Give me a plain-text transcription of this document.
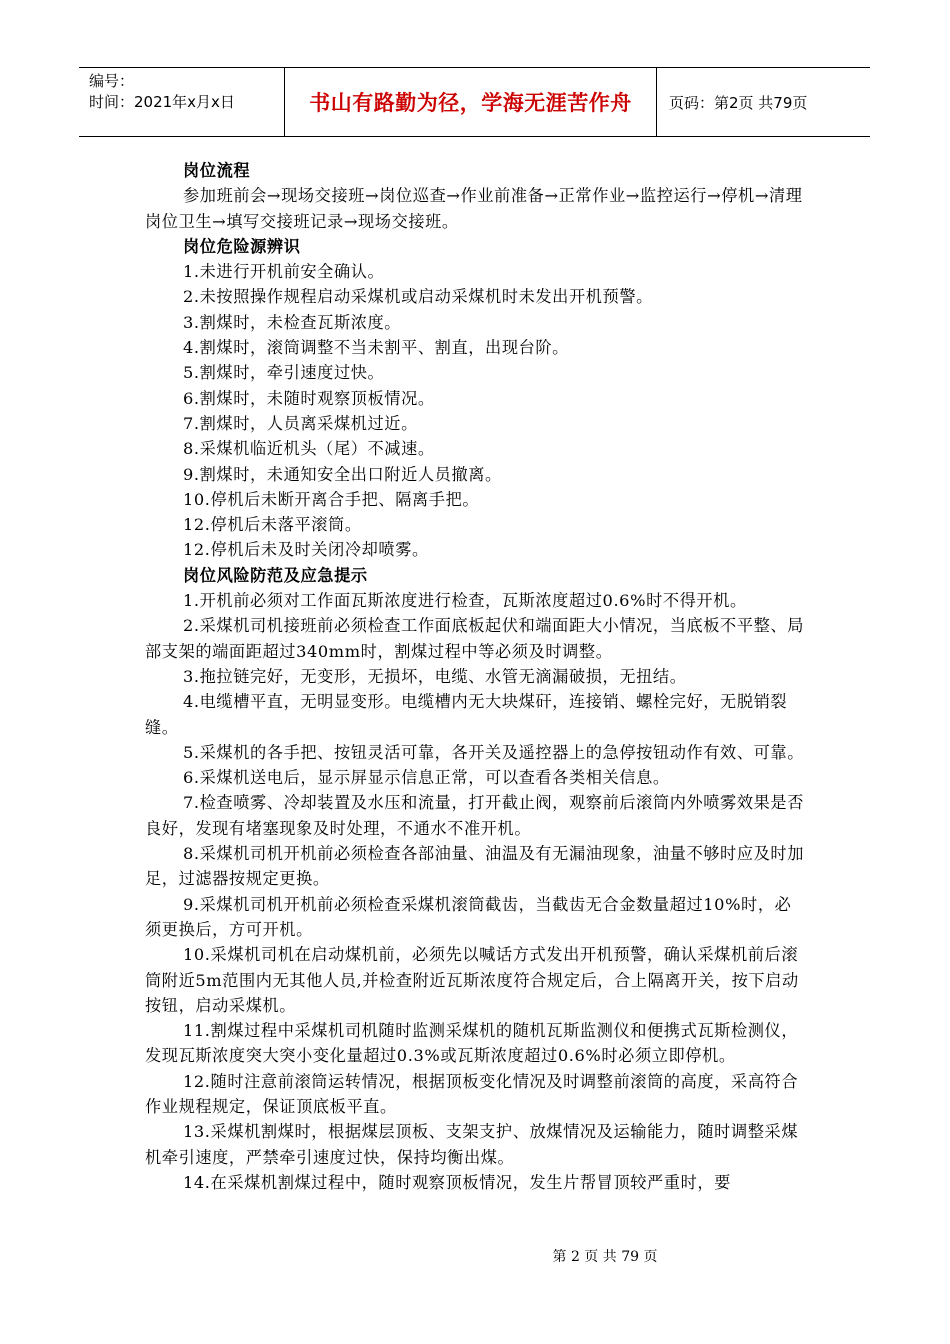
编号：
时间：2021年x月x日	书山有路勤为径，学海无涯苦作舟	页码：第2页 共79页
岗位流程
参加班前会→现场交接班→岗位巡查→作业前准备→正常作业→监控运行→停机→清理岗位卫生→填写交接班记录→现场交接班。
岗位危险源辨识
1.未进行开机前安全确认。
2.未按照操作规程启动采煤机或启动采煤机时未发出开机预警。
3.割煤时，未检查瓦斯浓度。
4.割煤时，滚筒调整不当未割平、割直，出现台阶。
5.割煤时，牵引速度过快。
6.割煤时，未随时观察顶板情况。
7.割煤时，人员离采煤机过近。
8.采煤机临近机头（尾）不减速。
9.割煤时，未通知安全出口附近人员撤离。
10.停机后未断开离合手把、隔离手把。
12.停机后未落平滚筒。
12.停机后未及时关闭冷却喷雾。
岗位风险防范及应急提示
1.开机前必须对工作面瓦斯浓度进行检查，瓦斯浓度超过0.6%时不得开机。
2.采煤机司机接班前必须检查工作面底板起伏和端面距大小情况，当底板不平整、局部支架的端面距超过340mm时，割煤过程中等必须及时调整。
3.拖拉链完好，无变形，无损坏，电缆、水管无滴漏破损，无扭结。
4.电缆槽平直，无明显变形。电缆槽内无大块煤矸，连接销、螺栓完好，无脱销裂缝。
5.采煤机的各手把、按钮灵活可靠，各开关及遥控器上的急停按钮动作有效、可靠。
6.采煤机送电后，显示屏显示信息正常，可以查看各类相关信息。
7.检查喷雾、冷却装置及水压和流量，打开截止阀，观察前后滚筒内外喷雾效果是否良好，发现有堵塞现象及时处理，不通水不准开机。
8.采煤机司机开机前必须检查各部油量、油温及有无漏油现象，油量不够时应及时加足，过滤器按规定更换。
9.采煤机司机开机前必须检查采煤机滚筒截齿，当截齿无合金数量超过10%时，必须更换后，方可开机。
10.采煤机司机在启动煤机前，必须先以喊话方式发出开机预警，确认采煤机前后滚筒附近5m范围内无其他人员,并检查附近瓦斯浓度符合规定后，合上隔离开关，按下启动按钮，启动采煤机。
11.割煤过程中采煤机司机随时监测采煤机的随机瓦斯监测仪和便携式瓦斯检测仪，发现瓦斯浓度突大突小变化量超过0.3%或瓦斯浓度超过0.6%时必须立即停机。
12.随时注意前滚筒运转情况，根据顶板变化情况及时调整前滚筒的高度，采高符合作业规程规定，保证顶底板平直。
13.采煤机割煤时，根据煤层顶板、支架支护、放煤情况及运输能力，随时调整采煤机牵引速度，严禁牵引速度过快，保持均衡出煤。
14.在采煤机割煤过程中，随时观察顶板情况，发生片帮冒顶较严重时，要
第 2 页 共 79 页
